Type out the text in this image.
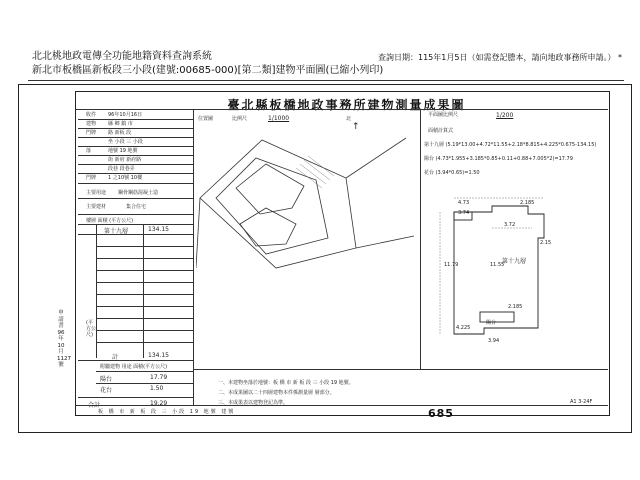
北北桃地政電傳全功能地籍資料查詢系統
新北市板橋區新板段三小段(建號:00685-000)[第二類]建物平面圖(已縮小列印)
查詢日期：115年1月5日（如需登記謄本，請向地政事務所申請。） *
臺北縣板橋地政事務所建物測量成果圖
申請書 96年 10月 1127號
(平方公尺)
收件 96年10月16日
建物 縣 鄉 鎮 市
門牌 路 新板 段
坐 小段 三 小段
落	地號 19 地號
街 新府 新府路
段巷 段巷弄
門牌 1 之10號 10樓
主要用途 鋼骨鋼筋混凝土造
主要建材	集合住宅
樓層 面積 (平方公尺)
第十九層	134.15
計	134.15
附屬建物 用途 面積(平方公尺)
陽台	17.79
花台	1.50
合計	19.29
位置圖	比例尺	1/1000	北
↑
平面圖比例尺	1/200
面積計算式
第十九層 (5.19*13.00+4.72*11.55+2.18*8.815+4.225*0.675-134.15)
陽台 (4.73*1.955+3.185*0.85+0.11+0.88+7.005*2)=17.79
花台 (3.94*0.65)=1.50
4.73	2.185
3.74
3.72
2.15
11.79	11.55
4.225
2.185
3.94
第十九層
陽台
一、本建物坐落於地號：板 橋 市 新 板 段 三 小段 19 地號。
二、本成果圖以二十四層建物本件係測量層 層部分。
三、本成果表以建物登記為準。	A1 3-24F
板 橋 市 新 板 段 三 小段 19 地號 建號	685
